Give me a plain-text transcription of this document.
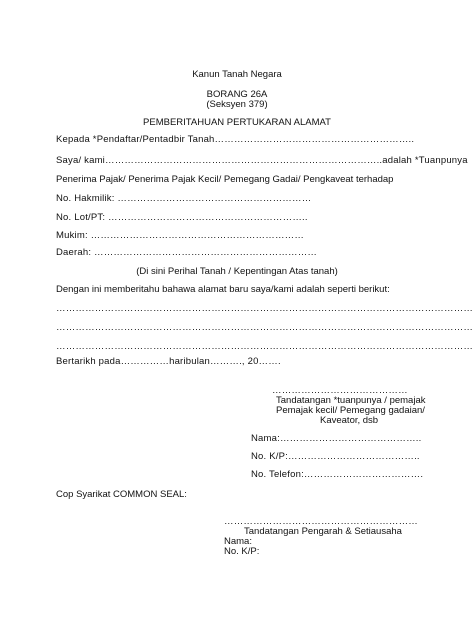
Kanun Tanah Negara
BORANG 26A
(Seksyen 379)
PEMBERITAHUAN PERTUKARAN ALAMAT
Kepada *Pendaftar/Pentadbir Tanah……………………………………………………..
Saya/ kami…………………………………………………………………………..adalah *Tuanpunya
Penerima Pajak/ Penerima Pajak Kecil/ Pemegang Gadai/ Pengkaveat terhadap
No. Hakmilik: ……………………………………………………
No. Lot/PT: ……………………………………………………..
Mukim: …………………………………………………………
Daerah: ……………………………………………………………
(Di sini Perihal Tanah / Kepentingan Atas tanah)
Dengan ini memberitahu bahawa alamat baru saya/kami adalah seperti berikut:
…………………………………………………………………………………………………………………
…………………………………………………………………………………………………………………
…………………………………………………………………………………………………………………
Bertarikh pada……………haribulan………., 20…….
……………………………………
Tandatangan *tuanpunya / pemajak
Pemajak kecil/ Pemegang gadaian/
Kaveator, dsb
Nama:……………………………………..
No. K/P:…………………………………..
No. Telefon:……………………………….
Cop Syarikat COMMON SEAL:
……………………………………………………
Tandatangan Pengarah & Setiausaha
Nama:
No. K/P:
